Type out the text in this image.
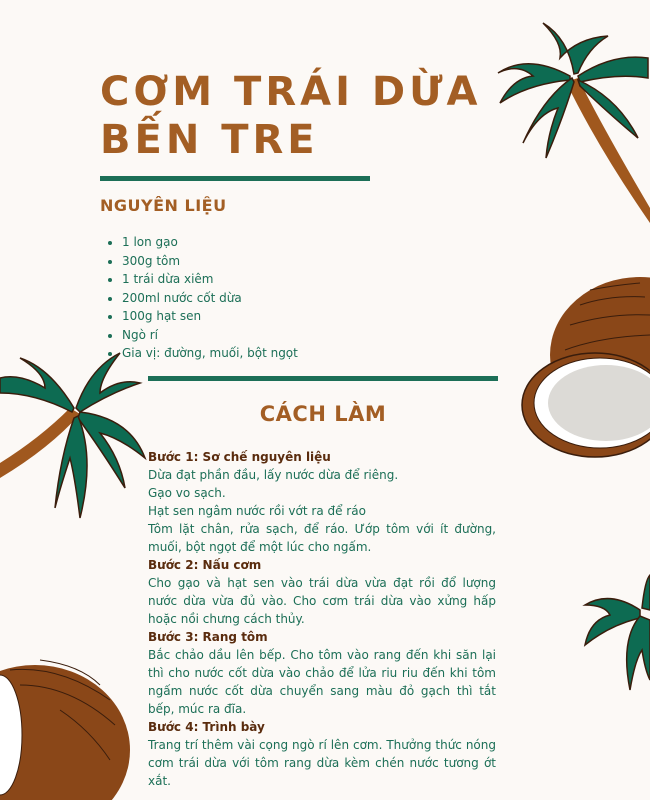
CƠM TRÁI DỪA
BẾN TRE
NGUYÊN LIỆU
• 1 lon gạo
• 300g tôm
• 1 trái dừa xiêm
• 200ml nước cốt dừa
• 100g hạt sen
• Ngò rí
• Gia vị: đường, muối, bột ngọt
CÁCH LÀM

Bước 1: Sơ chế nguyên liệu

Dừa đạt phần đầu, lấy nước dừa để riêng.

Gạo vo sạch.

Hạt sen ngâm nước rồi vớt ra để ráo

Tôm lặt chân, rửa sạch, để ráo. Ướp tôm với ít đường, muối, bột ngọt để một lúc cho ngấm.

Bước 2: Nấu cơm

Cho gạo và hạt sen vào trái dừa vừa đạt rồi đổ lượng nước dừa vừa đủ vào. Cho cơm trái dừa vào xửng hấp hoặc nồi chưng cách thủy.

Bước 3: Rang tôm

Bắc chảo dầu lên bếp. Cho tôm vào rang đến khi săn lại thì cho nước cốt dừa vào chảo để lửa riu riu đến khi tôm ngấm nước cốt dừa chuyển sang màu đỏ gạch thì tắt bếp, múc ra đĩa.

Bước 4: Trình bày

Trang trí thêm vài cọng ngò rí lên cơm. Thưởng thức nóng cơm trái dừa với tôm rang dừa kèm chén nước tương ớt xắt.
